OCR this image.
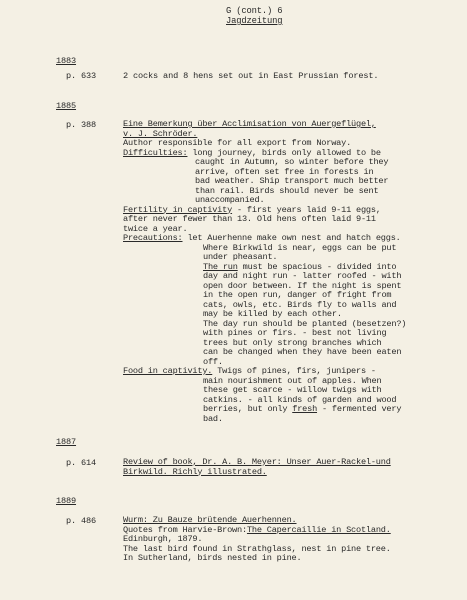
G (cont.) 6
Jagdzeitung
1883
p. 633	2 cocks and 8 hens set out in East Prussian forest.
1885
p. 388	Eine Bemerkung über Acclimisation von Auergeflügel,
v. J. Schröder.
Author responsible for all export from Norway.
Difficulties: long journey, birds only allowed to be
caught in Autumn, so winter before they
arrive, often set free in forests in
bad weather. Ship transport much better
than rail. Birds should never be sent
unaccompanied.
Fertility in captivity - first years laid 9-11 eggs,
after never fewer than 13. Old hens often laid 9-11
twice a year.
Precautions: let Auerhenne make own nest and hatch eggs.
Where Birkwild is near, eggs can be put
under pheasant.
The run must be spacious - divided into
day and night run - latter roofed - with
open door between. If the night is spent
in the open run, danger of fright from
cats, owls, etc. Birds fly to walls and
may be killed by each other.
The day run should be planted (besetzen?)
with pines or firs. - best not living
trees but only strong branches which
can be changed when they have been eaten
off.
Food in captivity. Twigs of pines, firs, junipers -
main nourishment out of apples. When
these get scarce - willow twigs with
catkins. - all kinds of garden and wood
berries, but only fresh - fermented very
bad.
1887
p. 614	Review of book, Dr. A. B. Meyer: Unser Auer-Rackel-und
Birkwild. Richly illustrated.
1889
p. 486	Wurm: Zu Bauze brütende Auerhennen.
Quotes from Harvie-Brown:The Capercaillie in Scotland.
Edinburgh, 1879.
The last bird found in Strathglass, nest in pine tree.
In Sutherland, birds nested in pine.
